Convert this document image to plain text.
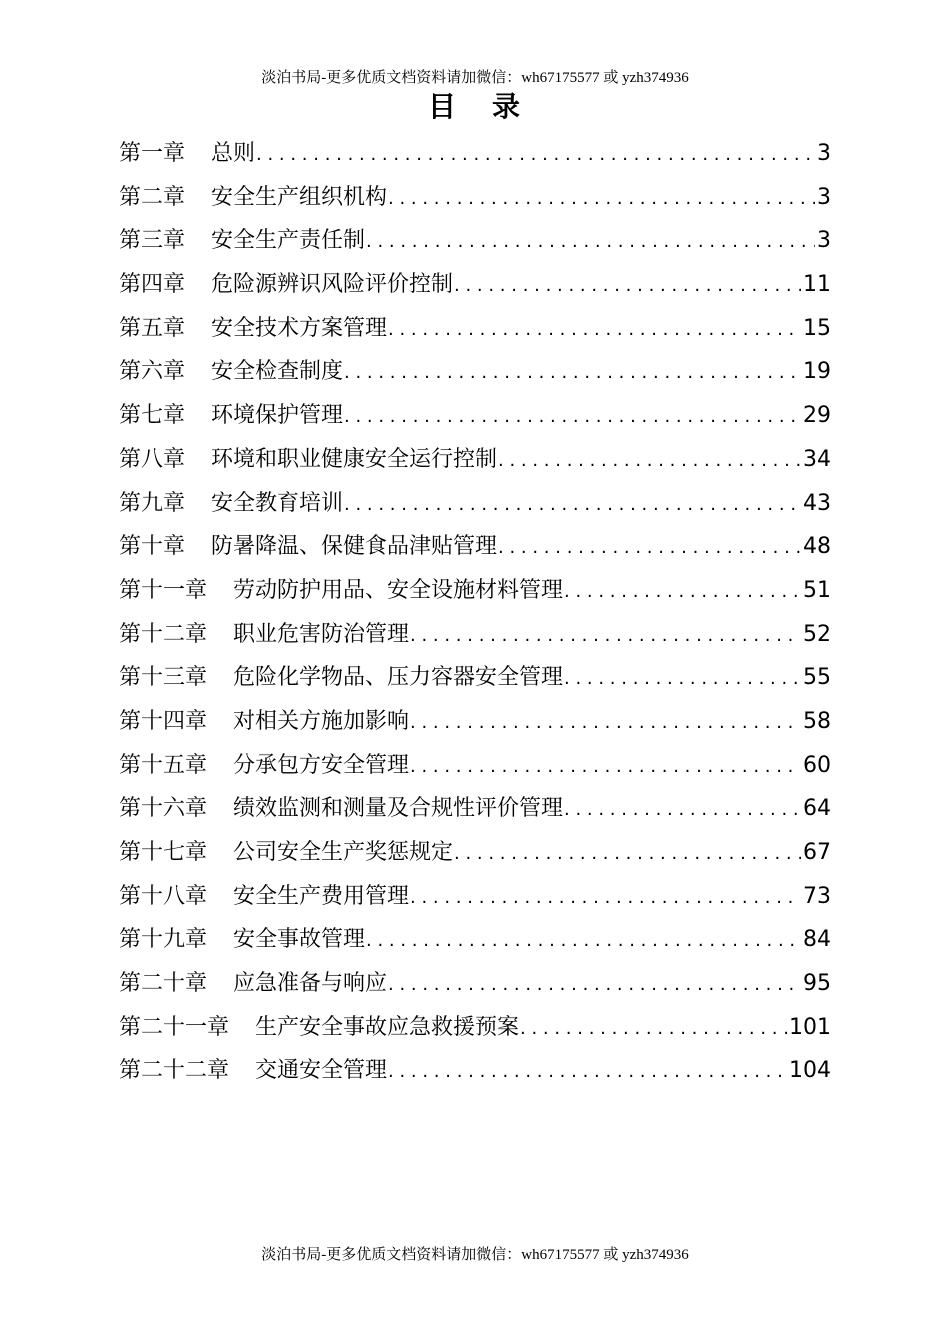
淡泊书局-更多优质文档资料请加微信：wh67175577 或 yzh374936
目 录
第一章 总则 . . .	3
第二章 安全生产组织机构 . . .	3
第三章 安全生产责任制 . . .	3
第四章 危险源辨识风险评价控制 . . .	11
第五章 安全技术方案管理 . . .	15
第六章 安全检查制度 . . .	19
第七章 环境保护管理 . . .	29
第八章 环境和职业健康安全运行控制 . . .	34
第九章 安全教育培训 . . .	43
第十章 防暑降温、保健食品津贴管理 . . .	48
第十一章 劳动防护用品、安全设施材料管理 . . .	51
第十二章 职业危害防治管理 . . .	52
第十三章 危险化学物品、压力容器安全管理 . . .	55
第十四章 对相关方施加影响 . . .	58
第十五章 分承包方安全管理 . . .	60
第十六章 绩效监测和测量及合规性评价管理 . . .	64
第十七章 公司安全生产奖惩规定 . . .	67
第十八章 安全生产费用管理 . . .	73
第十九章 安全事故管理 . . .	84
第二十章 应急准备与响应 . . .	95
第二十一章 生产安全事故应急救援预案 . . .	101
第二十二章 交通安全管理 . . .	104
淡泊书局-更多优质文档资料请加微信：wh67175577 或 yzh374936
